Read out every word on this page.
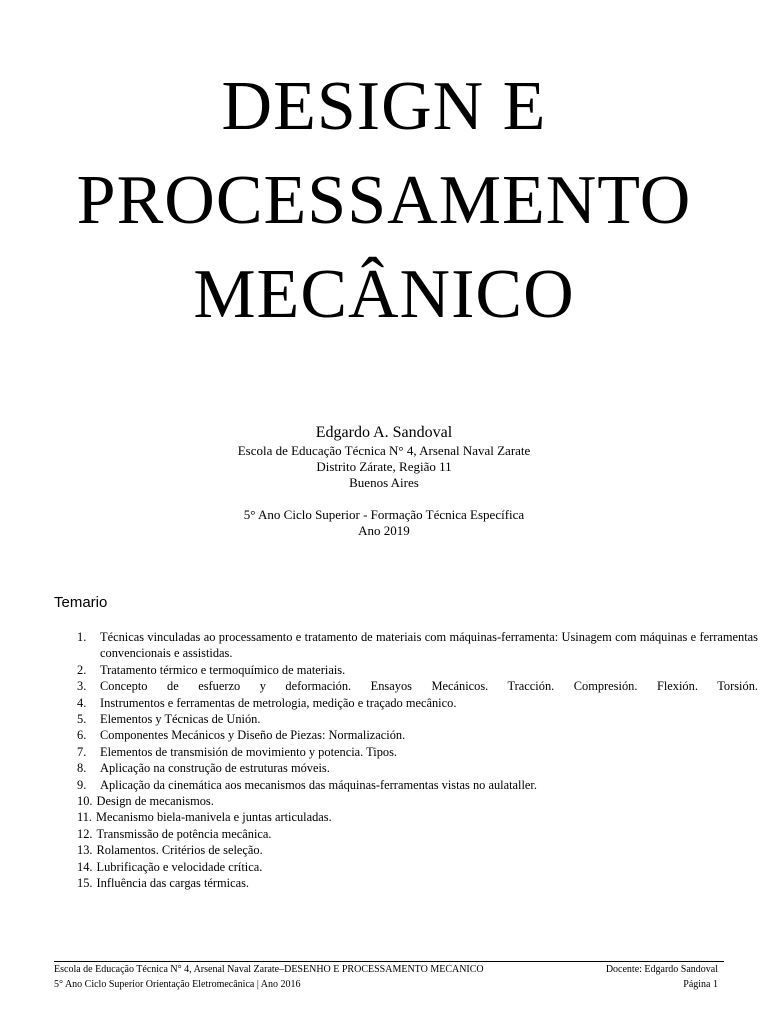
DESIGN E
PROCESSAMENTO
MECÂNICO
Edgardo A. Sandoval
Escola de Educação Técnica N° 4, Arsenal Naval Zarate
Distrito Zárate, Região 11
Buenos Aires
5° Ano Ciclo Superior - Formação Técnica Específica
Ano 2019
Temario
1.	Técnicas vinculadas ao processamento e tratamento de materiais com máquinas-ferramenta: Usinagem com máquinas e ferramentas convencionais e assistidas.
2.	Tratamento térmico e termoquímico de materiais.
3.	Concepto de esfuerzo y deformación. Ensayos Mecánicos. Tracción. Compresión. Flexión. Torsión.
4.	Instrumentos e ferramentas de metrologia, medição e traçado mecânico.
5.	Elementos y Técnicas de Unión.
6.	Componentes Mecánicos y Diseño de Piezas: Normalización.
7.	Elementos de transmisión de movimiento y potencia. Tipos.
8.	Aplicação na construção de estruturas móveis.
9.	Aplicação da cinemática aos mecanismos das máquinas-ferramentas vistas no aulataller.
10. Design de mecanismos.
11. Mecanismo biela-manivela e juntas articuladas.
12. Transmissão de potência mecânica.
13. Rolamentos. Critérios de seleção.
14. Lubrificação e velocidade crítica.
15. Influência das cargas térmicas.
Escola de Educação Técnica N° 4, Arsenal Naval Zarate–DESENHO E PROCESSAMENTO MECANICO	Docente: Edgardo Sandoval
5° Ano Ciclo Superior Orientação Eletromecânica | Ano 2016	Página 1
